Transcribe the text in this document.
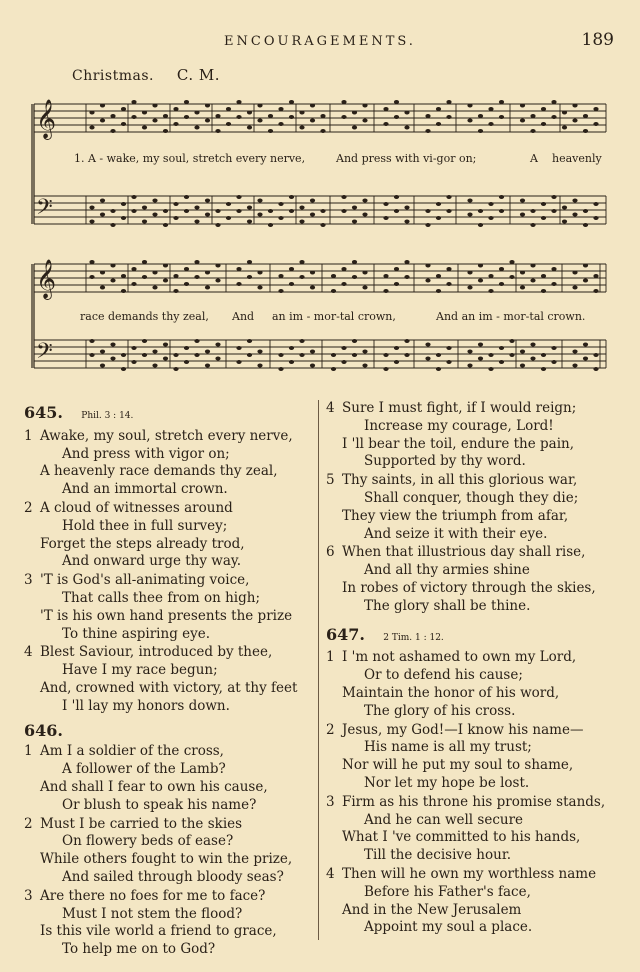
ENCOURAGEMENTS.	189
Christmas. C. M.
𝄞
𝄢
𝄞
𝄢
1. A - wake, my soul, stretch every nerve,	And press with vi-gor on;	A heavenly
race demands thy zeal, And an im - mor-tal crown,	And an im - mor-tal crown.
645. Phil. 3 : 14.
1 Awake, my soul, stretch every nerve,
And press with vigor on;
A heavenly race demands thy zeal,
And an immortal crown.
2 A cloud of witnesses around
Hold thee in full survey;
Forget the steps already trod,
And onward urge thy way.
3 'T is God's all-animating voice,
That calls thee from on high;
'T is his own hand presents the prize
To thine aspiring eye.
4 Blest Saviour, introduced by thee,
Have I my race begun;
And, crowned with victory, at thy feet
I 'll lay my honors down.
646.
1 Am I a soldier of the cross,
A follower of the Lamb?
And shall I fear to own his cause,
Or blush to speak his name?
2 Must I be carried to the skies
On flowery beds of ease?
While others fought to win the prize,
And sailed through bloody seas?
3 Are there no foes for me to face?
Must I not stem the flood?
Is this vile world a friend to grace,
To help me on to God?
4 Sure I must fight, if I would reign;
Increase my courage, Lord!
I 'll bear the toil, endure the pain,
Supported by thy word.
5 Thy saints, in all this glorious war,
Shall conquer, though they die;
They view the triumph from afar,
And seize it with their eye.
6 When that illustrious day shall rise,
And all thy armies shine
In robes of victory through the skies,
The glory shall be thine.
647. 2 Tim. 1 : 12.
1 I 'm not ashamed to own my Lord,
Or to defend his cause;
Maintain the honor of his word,
The glory of his cross.
2 Jesus, my God!—I know his name—
His name is all my trust;
Nor will he put my soul to shame,
Nor let my hope be lost.
3 Firm as his throne his promise stands,
And he can well secure
What I 've committed to his hands,
Till the decisive hour.
4 Then will he own my worthless name
Before his Father's face,
And in the New Jerusalem
Appoint my soul a place.
